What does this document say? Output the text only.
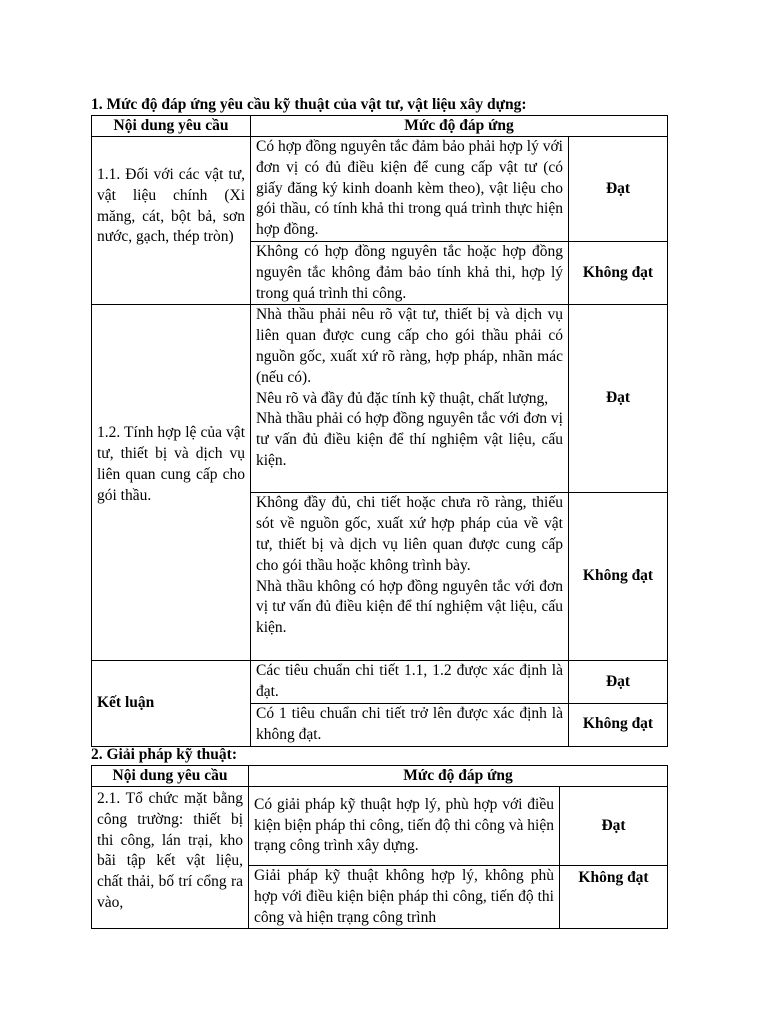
1. Mức độ đáp ứng yêu cầu kỹ thuật của vật tư, vật liệu xây dựng:
Nội dung yêu cầu	Mức độ đáp ứng	
1.1. Đối với các vật tư, vật liệu chính (Xi măng, cát, bột bả, sơn nước, gạch, thép tròn)	Có hợp đồng nguyên tắc đảm bảo phải hợp lý với đơn vị có đủ điều kiện để cung cấp vật tư (có giấy đăng ký kinh doanh kèm theo), vật liệu cho gói thầu, có tính khả thi trong quá trình thực hiện hợp đồng.	Đạt
	Không có hợp đồng nguyên tắc hoặc hợp đồng nguyên tắc không đảm bảo tính khả thi, hợp lý trong quá trình thi công.	Không đạt
1.2. Tính hợp lệ của vật tư, thiết bị và dịch vụ liên quan cung cấp cho gói thầu.	Nhà thầu phải nêu rõ vật tư, thiết bị và dịch vụ liên quan được cung cấp cho gói thầu phải có nguồn gốc, xuất xứ rõ ràng, hợp pháp, nhãn mác (nếu có).
Nêu rõ và đầy đủ đặc tính kỹ thuật, chất lượng,
Nhà thầu phải có hợp đồng nguyên tắc với đơn vị tư vấn đủ điều kiện để thí nghiệm vật liệu, cấu kiện.	Đạt

	Không đầy đủ, chi tiết hoặc chưa rõ ràng, thiếu sót về nguồn gốc, xuất xứ hợp pháp của về vật tư, thiết bị và dịch vụ liên quan được cung cấp cho gói thầu hoặc không trình bày.
Nhà thầu không có hợp đồng nguyên tắc với đơn vị tư vấn đủ điều kiện để thí nghiệm vật liệu, cấu kiện.	Không đạt
Kết luận	Các tiêu chuẩn chi tiết 1.1, 1.2 được xác định là đạt.	Đạt
	Có 1 tiêu chuẩn chi tiết trở lên được xác định là không đạt.	Không đạt
2. Giải pháp kỹ thuật:
Nội dung yêu cầu	Mức độ đáp ứng	
2.1. Tổ chức mặt bằng công trường: thiết bị thi công, lán trại, kho bãi tập kết vật liệu, chất thải, bố trí cổng ra vào,	Có giải pháp kỹ thuật hợp lý, phù hợp với điều kiện biện pháp thi công, tiến độ thi công và hiện trạng công trình xây dựng.	Đạt
	Giải pháp kỹ thuật không hợp lý, không phù hợp với điều kiện biện pháp thi công, tiến độ thi công và hiện trạng công trình	Không đạt
